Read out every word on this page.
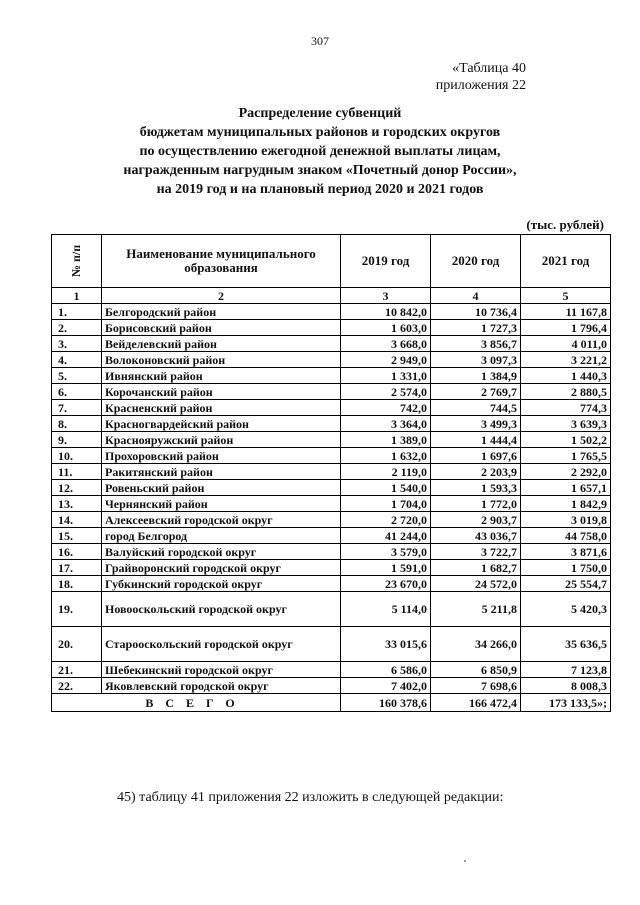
307
«Таблица 40
приложения 22
Распределение субвенций
бюджетам муниципальных районов и городских округов
по осуществлению ежегодной денежной выплаты лицам,
награжденным нагрудным знаком «Почетный донор России»,
на 2019 год и на плановый период 2020 и 2021 годов
(тыс. рублей)
№ п/п	Наименование муниципального образования	2019 год	2020 год	2021 год
1	2	3	4	5
1.	Белгородский район	10 842,0	10 736,4	11 167,8
2.	Борисовский район	1 603,0	1 727,3	1 796,4
3.	Вейделевский район	3 668,0	3 856,7	4 011,0
4.	Волоконовский район	2 949,0	3 097,3	3 221,2
5.	Ивнянский район	1 331,0	1 384,9	1 440,3
6.	Корочанский район	2 574,0	2 769,7	2 880,5
7.	Красненский район	742,0	744,5	774,3
8.	Красногвардейский район	3 364,0	3 499,3	3 639,3
9.	Краснояружский район	1 389,0	1 444,4	1 502,2
10.	Прохоровский район	1 632,0	1 697,6	1 765,5
11.	Ракитянский район	2 119,0	2 203,9	2 292,0
12.	Ровеньский район	1 540,0	1 593,3	1 657,1
13.	Чернянский район	1 704,0	1 772,0	1 842,9
14.	Алексеевский городской округ	2 720,0	2 903,7	3 019,8
15.	город Белгород	41 244,0	43 036,7	44 758,0
16.	Валуйский городской округ	3 579,0	3 722,7	3 871,6
17.	Грайворонский городской округ	1 591,0	1 682,7	1 750,0
18.	Губкинский городской округ	23 670,0	24 572,0	25 554,7
19.	Новооскольский городской округ	5 114,0	5 211,8	5 420,3
20.	Старооскольский городской округ	33 015,6	34 266,0	35 636,5
21.	Шебекинский городской округ	6 586,0	6 850,9	7 123,8
22.	Яковлевский городской округ	7 402,0	7 698,6	8 008,3
ВСЕГО		160 378,6	166 472,4	173 133,5»;
45) таблицу 41 приложения 22 изложить в следующей редакции:
